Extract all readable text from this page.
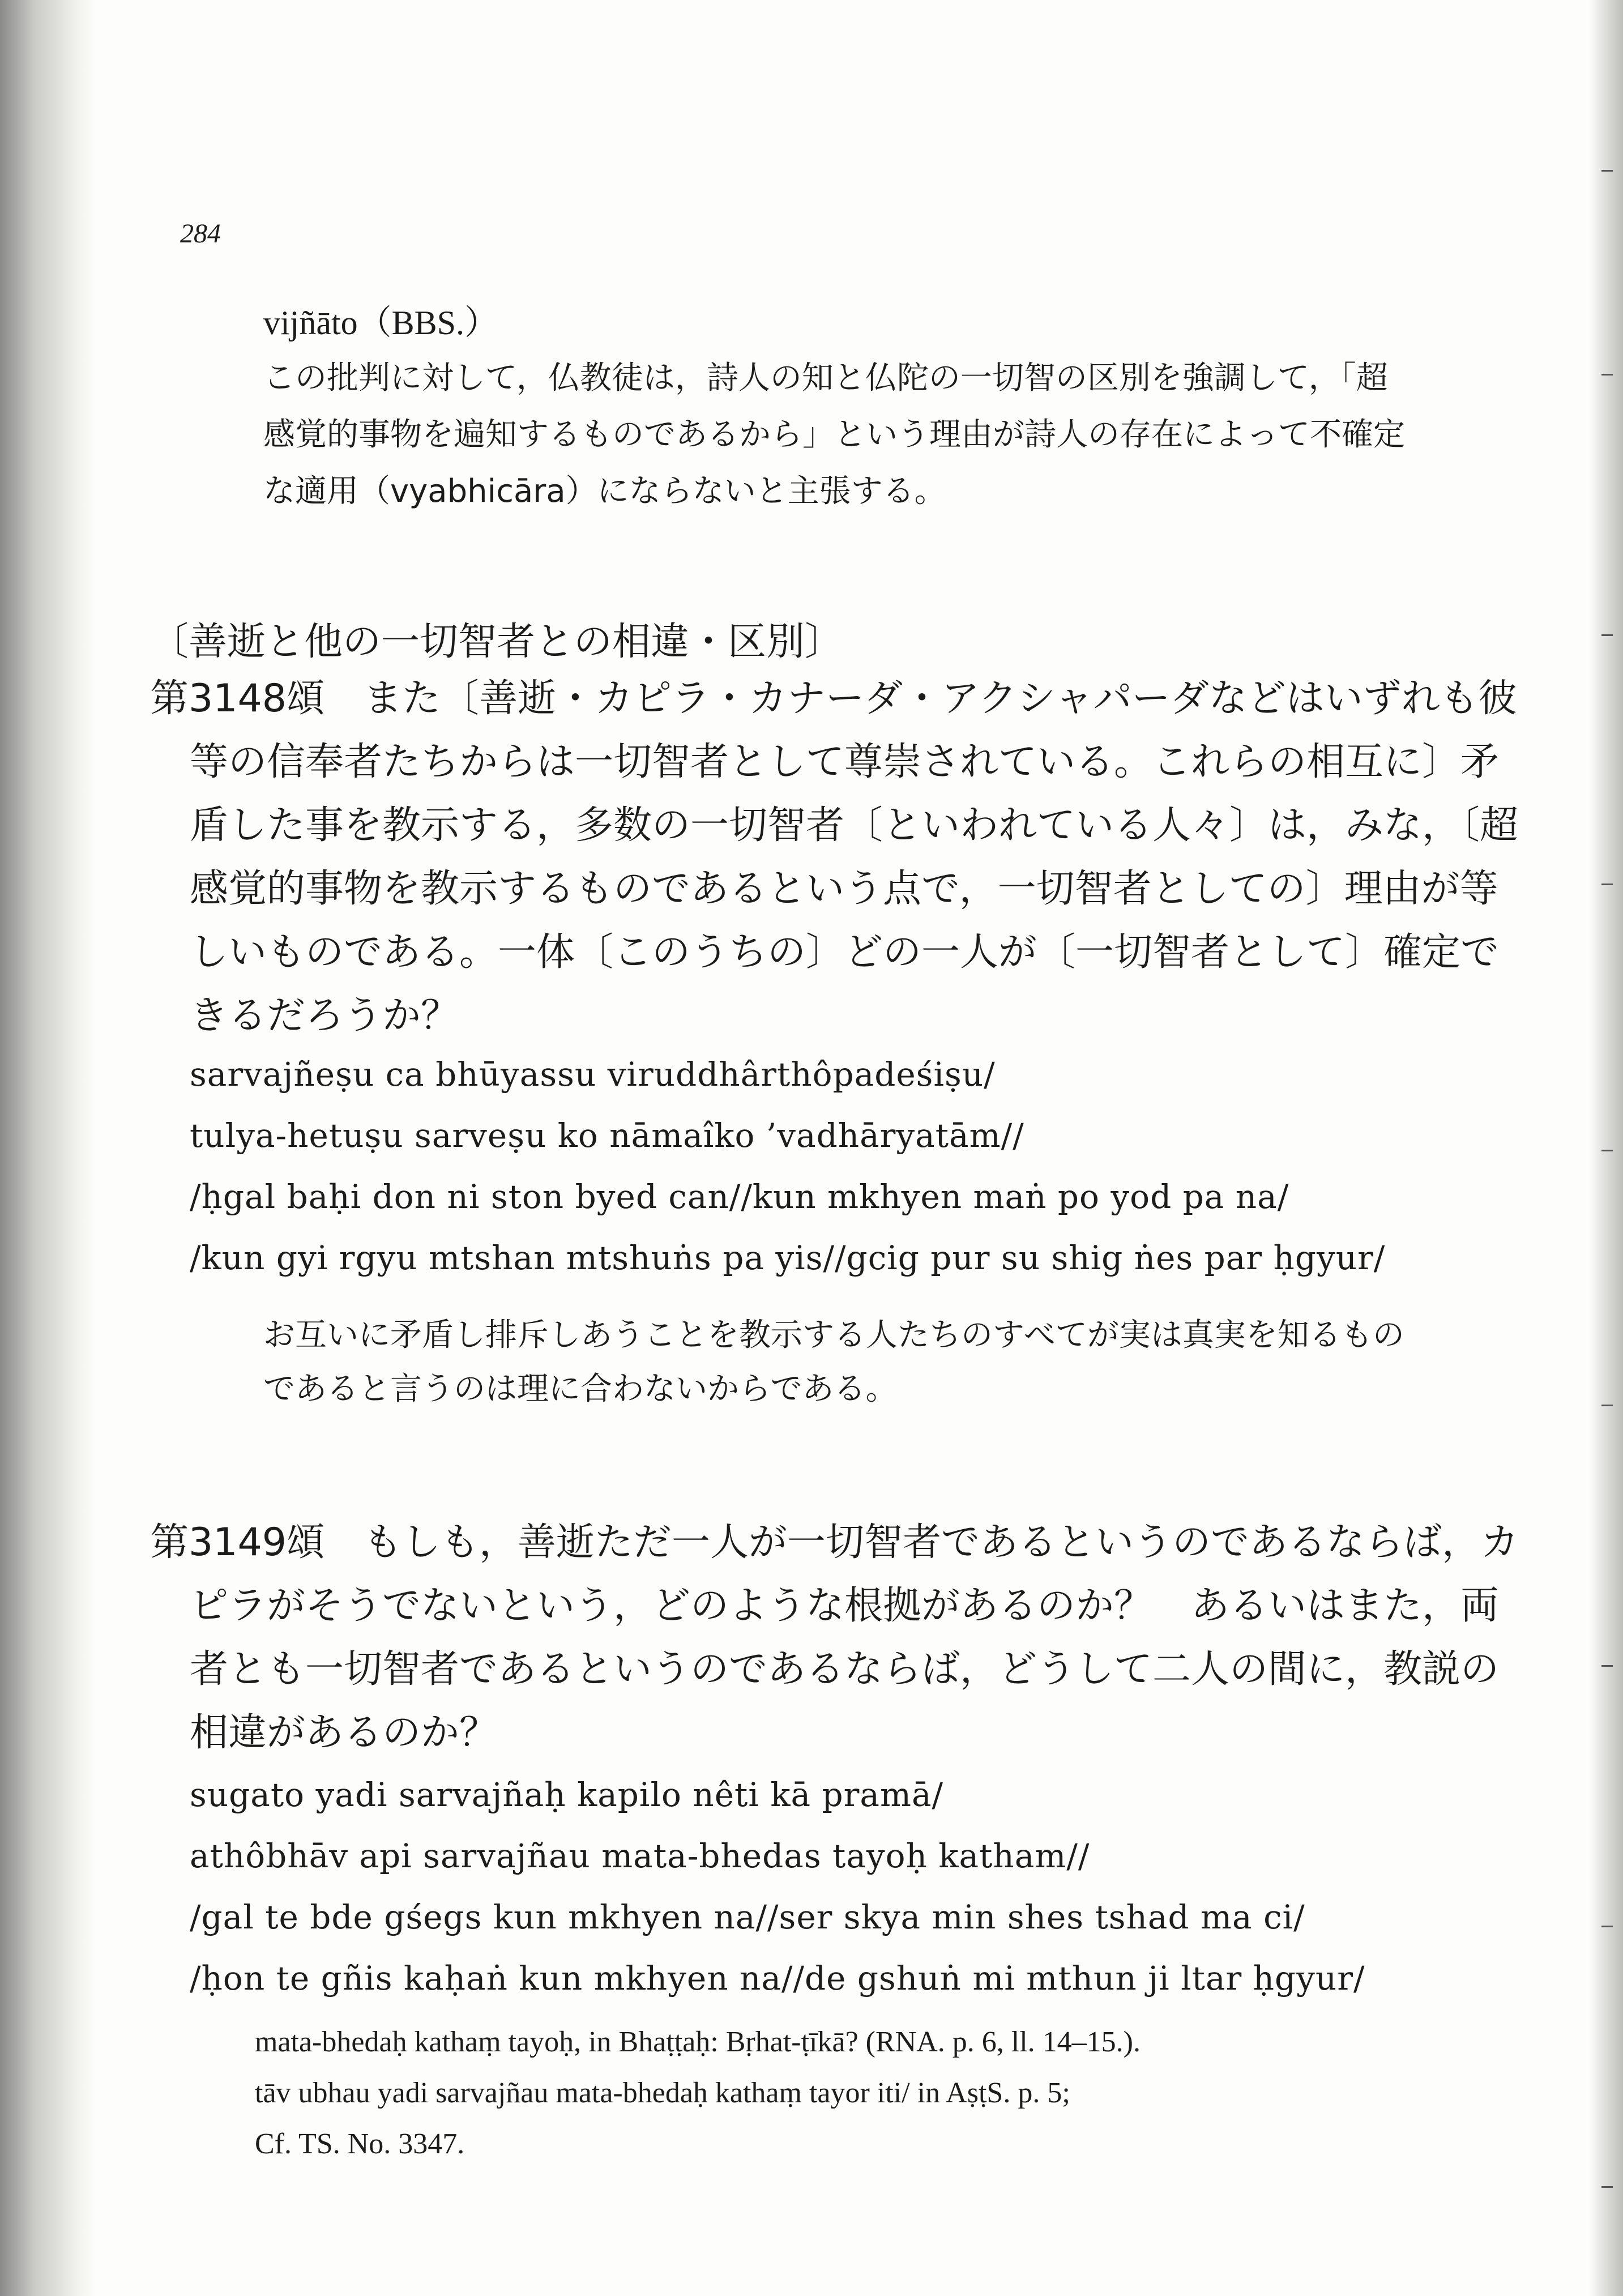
284
vijñāto（BBS.）
この批判に対して，仏教徒は，詩人の知と仏陀の一切智の区別を強調して，「超
感覚的事物を遍知するものであるから」という理由が詩人の存在によって不確定
な適用（vyabhicāra）にならないと主張する。
〔善逝と他の一切智者との相違・区別〕
第3148頌　また〔善逝・カピラ・カナーダ・アクシャパーダなどはいずれも彼
等の信奉者たちからは一切智者として尊崇されている。これらの相互に〕矛
盾した事を教示する，多数の一切智者〔といわれている人々〕は，みな，〔超
感覚的事物を教示するものであるという点で，一切智者としての〕理由が等
しいものである。一体〔このうちの〕どの一人が〔一切智者として〕確定で
きるだろうか？
sarvajñeṣu ca bhūyassu viruddhârthôpadeśiṣu/
tulya-hetuṣu sarveṣu ko nāmaîko ’vadhāryatām//
/ḥgal baḥi don ni ston byed can//kun mkhyen maṅ po yod pa na/
/kun gyi rgyu mtshan mtshuṅs pa yis//gcig pur su shig ṅes par ḥgyur/
お互いに矛盾し排斥しあうことを教示する人たちのすべてが実は真実を知るもの
であると言うのは理に合わないからである。
第3149頌　もしも，善逝ただ一人が一切智者であるというのであるならば，カ
ピラがそうでないという，どのような根拠があるのか？　あるいはまた，両
者とも一切智者であるというのであるならば，どうして二人の間に，教説の
相違があるのか？
sugato yadi sarvajñaḥ kapilo nêti kā pramā/
athôbhāv api sarvajñau mata-bhedas tayoḥ katham//
/gal te bde gśegs kun mkhyen na//ser skya min shes tshad ma ci/
/ḥon te gñis kaḥaṅ kun mkhyen na//de gshuṅ mi mthun ji ltar ḥgyur/
mata-bhedaḥ kathaṃ tayoḥ, in Bhaṭṭaḥ: Bṛhat-ṭīkā? (RNA. p. 6, ll. 14–15.).
tāv ubhau yadi sarvajñau mata-bhedaḥ kathaṃ tayor iti/ in AṣṭS. p. 5;
Cf. TS. No. 3347.
